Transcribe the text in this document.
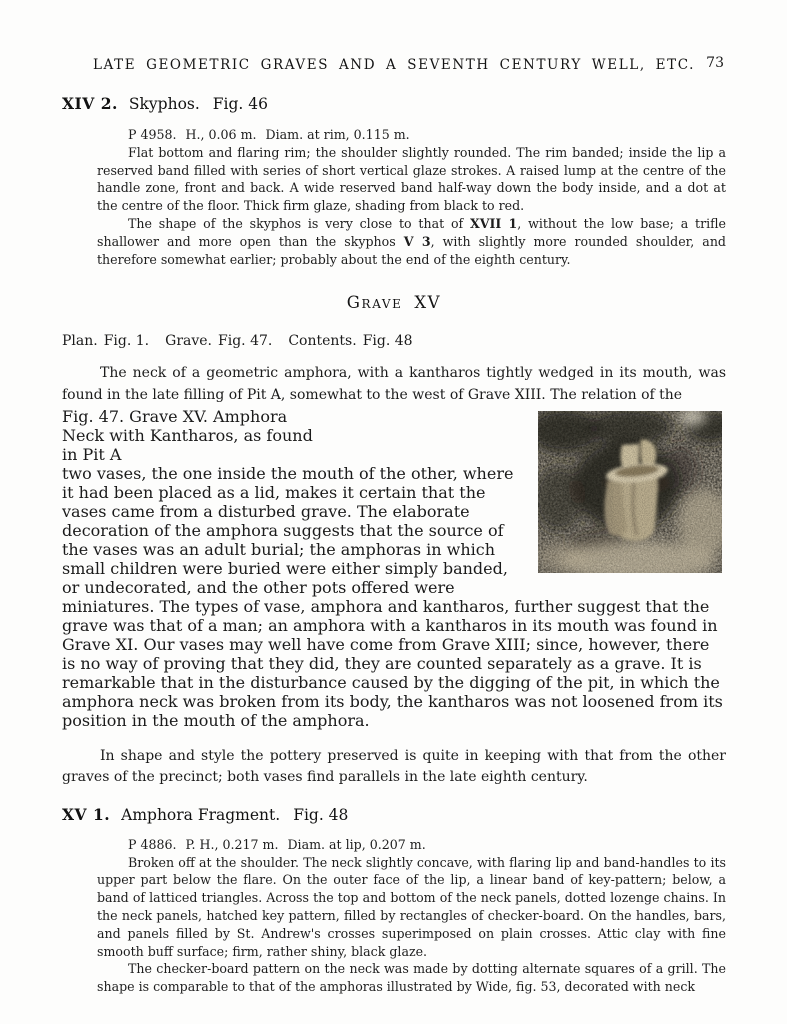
LATE GEOMETRIC GRAVES AND A SEVENTH CENTURY WELL, ETC. 73
XIV 2. Skyphos. Fig. 46
P 4958. H., 0.06 m. Diam. at rim, 0.115 m.

Flat bottom and flaring rim; the shoulder slightly rounded. The rim banded; inside the lip a reserved band filled with series of short vertical glaze strokes. A raised lump at the centre of the handle zone, front and back. A wide reserved band half-way down the body inside, and a dot at the centre of the floor. Thick firm glaze, shading from black to red.

The shape of the skyphos is very close to that of XVII 1, without the low base; a trifle shallower and more open than the skyphos V 3, with slightly more rounded shoulder, and therefore somewhat earlier; probably about the end of the eighth century.

Grave XV
Plan. Fig. 1. Grave. Fig. 47. Contents. Fig. 48

The neck of a geometric amphora, with a kantharos tightly wedged in its mouth, was found in the late filling of Pit A, somewhat to the west of Grave XIII. The relation of the

Fig. 47. Grave XV. Amphora
Neck with Kantharos, as found
in Pit A
two vases, the one inside the mouth of the other, where it had been placed as a lid, makes it certain that the vases came from a disturbed grave. The elaborate decoration of the amphora suggests that the source of the vases was an adult burial; the amphoras in which small children were buried were either simply banded, or undecorated, and the other pots offered were miniatures. The types of vase, amphora and kantharos, further suggest that the grave was that of a man; an amphora with a kantharos in its mouth was found in Grave XI. Our vases may well have come from Grave XIII; since, however, there is no way of proving that they did, they are counted separately as a grave. It is remarkable that in the disturbance caused by the digging of the pit, in which the amphora neck was broken from its body, the kantharos was not loosened from its position in the mouth of the amphora.

In shape and style the pottery preserved is quite in keeping with that from the other graves of the precinct; both vases find parallels in the late eighth century.

XV 1. Amphora Fragment. Fig. 48
P 4886. P. H., 0.217 m. Diam. at lip, 0.207 m.

Broken off at the shoulder. The neck slightly concave, with flaring lip and band-handles to its upper part below the flare. On the outer face of the lip, a linear band of key-pattern; below, a band of latticed triangles. Across the top and bottom of the neck panels, dotted lozenge chains. In the neck panels, hatched key pattern, filled by rectangles of checker-board. On the handles, bars, and panels filled by St. Andrew's crosses superimposed on plain crosses. Attic clay with fine smooth buff surface; firm, rather shiny, black glaze.

The checker-board pattern on the neck was made by dotting alternate squares of a grill. The shape is comparable to that of the amphoras illustrated by Wide, fig. 53, decorated with neck
